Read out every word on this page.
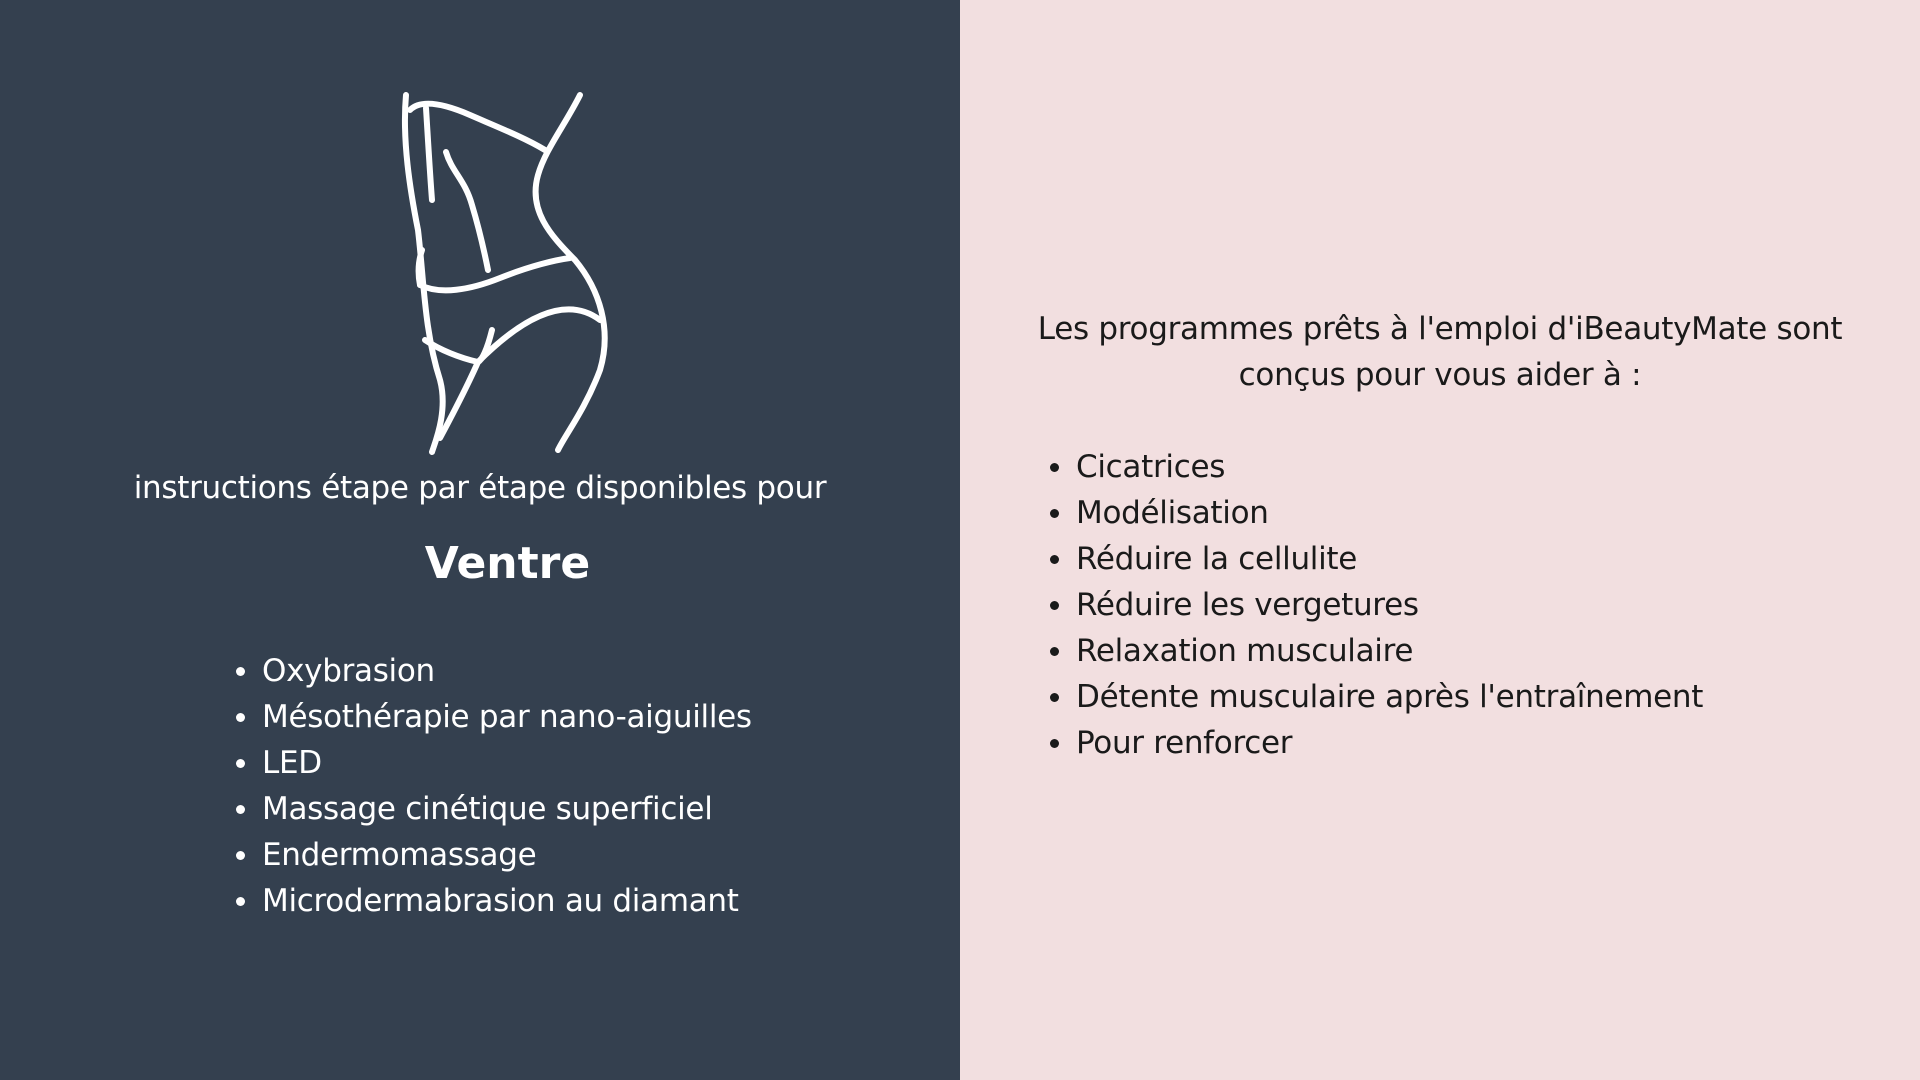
instructions étape par étape disponibles pour
Ventre
Oxybrasion
Mésothérapie par nano-aiguilles
LED
Massage cinétique superficiel
Endermomassage
Microdermabrasion au diamant
Les programmes prêts à l'emploi d'iBeautyMate sont
conçus pour vous aider à :
Cicatrices
Modélisation
Réduire la cellulite
Réduire les vergetures
Relaxation musculaire
Détente musculaire après l'entraînement
Pour renforcer
